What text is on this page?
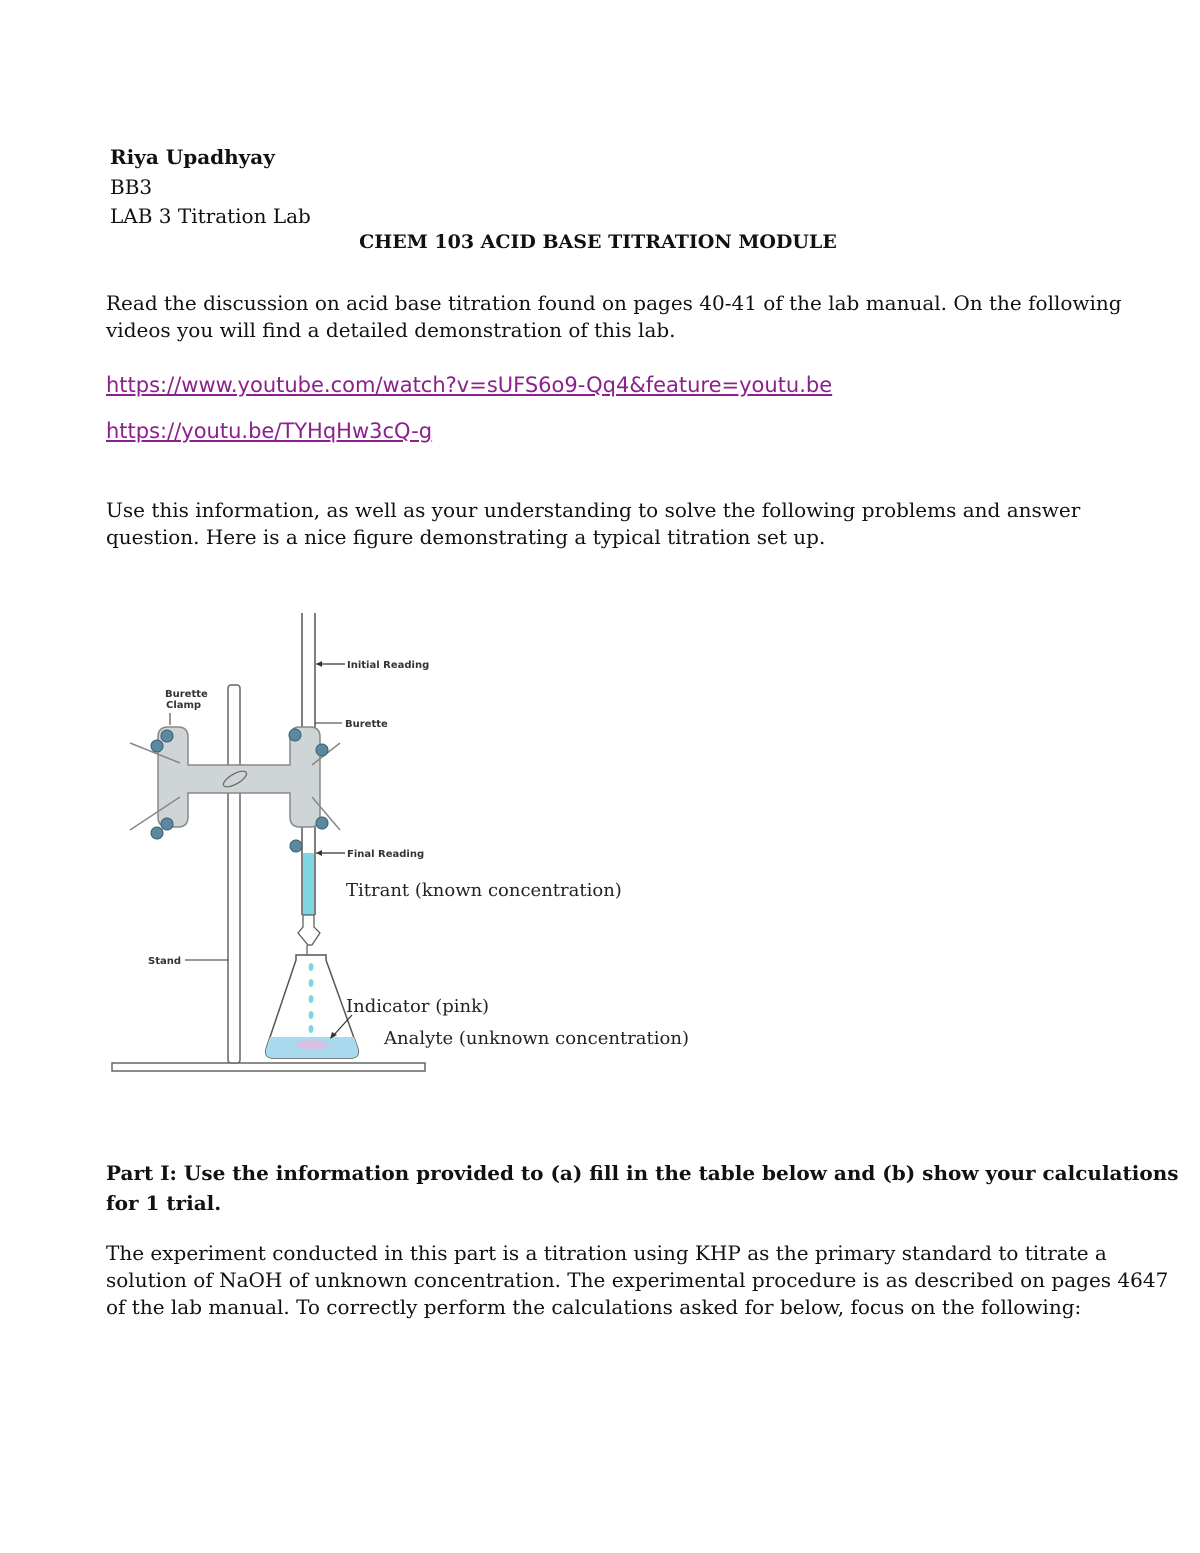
Riya Upadhyay
BB3
LAB 3 Titration Lab
CHEM 103 ACID BASE TITRATION MODULE
Read the discussion on acid base titration found on pages 40-41 of the lab manual. On the following
videos you will find a detailed demonstration of this lab.
https://www.youtube.com/watch?v=sUFS6o9-Qq4&feature=youtu.be
https://youtu.be/TYHqHw3cQ-g
Use this information, as well as your understanding to solve the following problems and answer
question. Here is a nice figure demonstrating a typical titration set up.
Initial Reading
Burette
Clamp
Burette
Final Reading
Titrant (known concentration)
Stand
Indicator (pink)
Analyte (unknown concentration)
Part I: Use the information provided to (a) fill in the table below and (b) show your calculations
for 1 trial.
The experiment conducted in this part is a titration using KHP as the primary standard to titrate a
solution of NaOH of unknown concentration. The experimental procedure is as described on pages 4647
of the lab manual. To correctly perform the calculations asked for below, focus on the following:
